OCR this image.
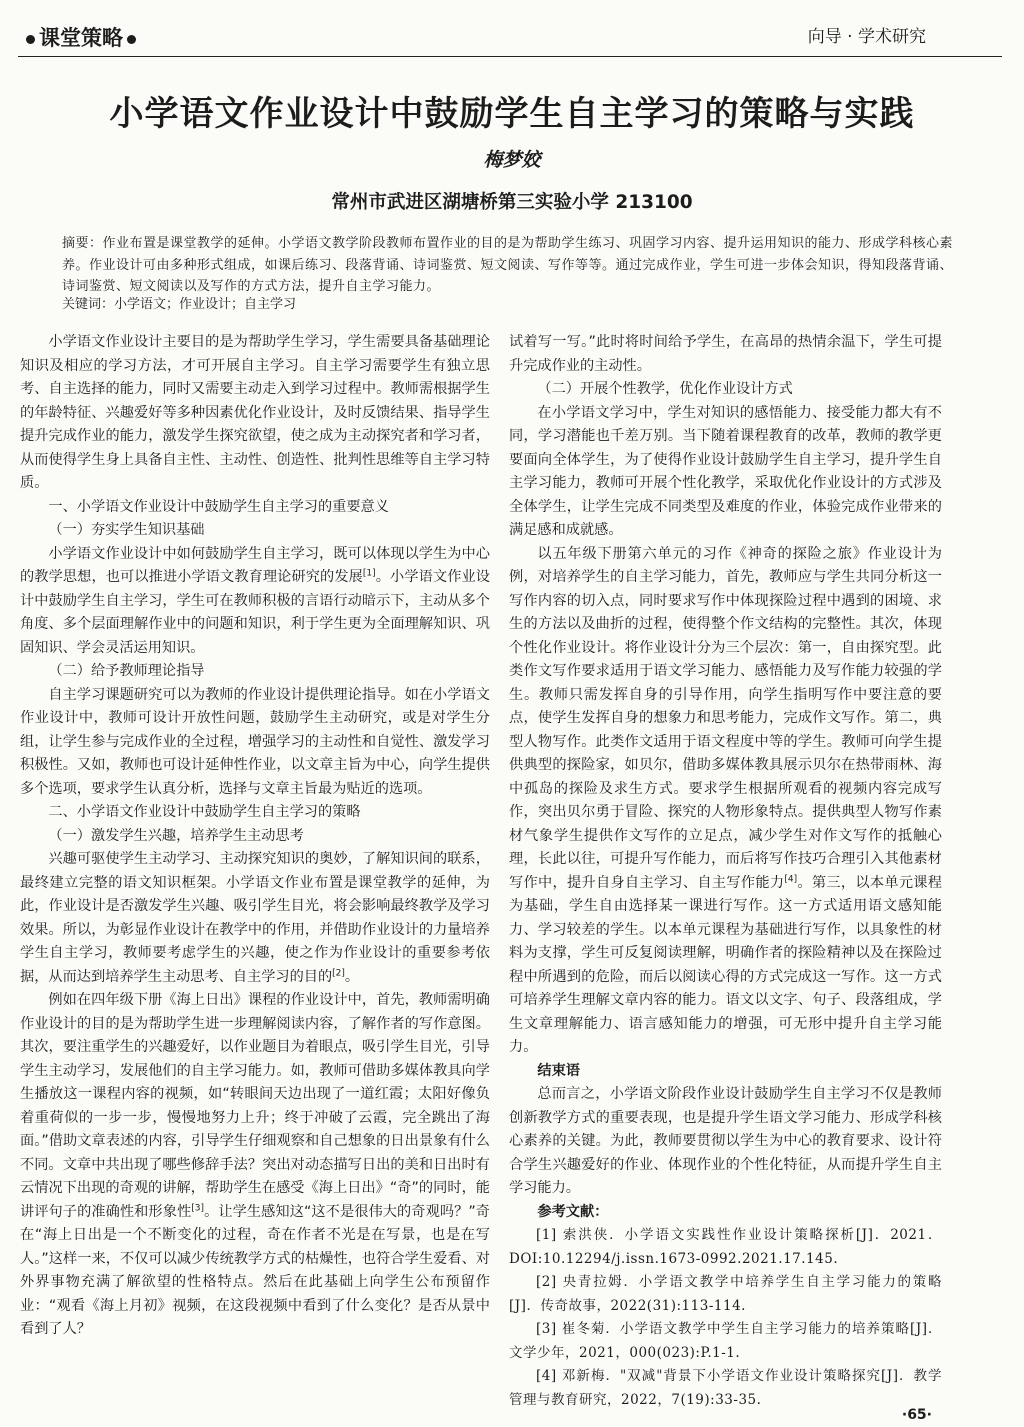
课堂策略	向导 · 学术研究
小学语文作业设计中鼓励学生自主学习的策略与实践
梅梦姣
常州市武进区湖塘桥第三实验小学 213100
摘要：作业布置是课堂教学的延伸。小学语文教学阶段教师布置作业的目的是为帮助学生练习、巩固学习内容、提升运用知识的能力、形成学科核心素养。作业设计可由多种形式组成，如课后练习、段落背诵、诗词鉴赏、短文阅读、写作等等。通过完成作业，学生可进一步体会知识，得知段落背诵、诗词鉴赏、短文阅读以及写作的方式方法，提升自主学习能力。
关键词：小学语文；作业设计；自主学习

小学语文作业设计主要目的是为帮助学生学习，学生需要具备基础理论知识及相应的学习方法，才可开展自主学习。自主学习需要学生有独立思考、自主选择的能力，同时又需要主动走入到学习过程中。教师需根据学生的年龄特征、兴趣爱好等多种因素优化作业设计，及时反馈结果、指导学生提升完成作业的能力，激发学生探究欲望，使之成为主动探究者和学习者，从而使得学生身上具备自主性、主动性、创造性、批判性思维等自主学习特质。

一、小学语文作业设计中鼓励学生自主学习的重要意义
（一）夯实学生知识基础

小学语文作业设计中如何鼓励学生自主学习，既可以体现以学生为中心的教学思想，也可以推进小学语文教育理论研究的发展[1]。小学语文作业设计中鼓励学生自主学习，学生可在教师积极的言语行动暗示下，主动从多个角度、多个层面理解作业中的问题和知识，利于学生更为全面理解知识、巩固知识、学会灵活运用知识。

（二）给予教师理论指导

自主学习课题研究可以为教师的作业设计提供理论指导。如在小学语文作业设计中，教师可设计开放性问题，鼓励学生主动研究，或是对学生分组，让学生参与完成作业的全过程，增强学习的主动性和自觉性、激发学习积极性。又如，教师也可设计延伸性作业，以文章主旨为中心，向学生提供多个选项，要求学生认真分析，选择与文章主旨最为贴近的选项。

二、小学语文作业设计中鼓励学生自主学习的策略
（一）激发学生兴趣，培养学生主动思考

兴趣可驱使学生主动学习、主动探究知识的奥妙，了解知识间的联系，最终建立完整的语文知识框架。小学语文作业布置是课堂教学的延伸，为此，作业设计是否激发学生兴趣、吸引学生目光，将会影响最终教学及学习效果。所以，为彰显作业设计在教学中的作用，并借助作业设计的力量培养学生自主学习，教师要考虑学生的兴趣，使之作为作业设计的重要参考依据，从而达到培养学生主动思考、自主学习的目的[2]。

例如在四年级下册《海上日出》课程的作业设计中，首先，教师需明确作业设计的目的是为帮助学生进一步理解阅读内容，了解作者的写作意图。其次，要注重学生的兴趣爱好，以作业题目为着眼点，吸引学生目光，引导学生主动学习，发展他们的自主学习能力。如，教师可借助多媒体教具向学生播放这一课程内容的视频，如“转眼间天边出现了一道红霞；太阳好像负着重荷似的一步一步，慢慢地努力上升；终于冲破了云霞，完全跳出了海面。”借助文章表述的内容，引导学生仔细观察和自己想象的日出景象有什么不同。文章中共出现了哪些修辞手法？突出对动态描写日出的美和日出时有云情况下出现的奇观的讲解，帮助学生在感受《海上日出》“奇”的同时，能讲评句子的准确性和形象性[3]。让学生感知这“这不是很伟大的奇观吗？”奇在“海上日出是一个不断变化的过程，奇在作者不光是在写景，也是在写人。”这样一来，不仅可以减少传统教学方式的枯燥性，也符合学生爱看、对外界事物充满了解欲望的性格特点。然后在此基础上向学生公布预留作业：“观看《海上月初》视频，在这段视频中看到了什么变化？是否从景中看到了人？

试着写一写。”此时将时间给予学生，在高昂的热情余温下，学生可提升完成作业的主动性。

（二）开展个性教学，优化作业设计方式

在小学语文学习中，学生对知识的感悟能力、接受能力都大有不同，学习潜能也千差万别。当下随着课程教育的改革，教师的教学更要面向全体学生，为了使得作业设计鼓励学生自主学习，提升学生自主学习能力，教师可开展个性化教学，采取优化作业设计的方式涉及全体学生，让学生完成不同类型及难度的作业，体验完成作业带来的满足感和成就感。

以五年级下册第六单元的习作《神奇的探险之旅》作业设计为例，对培养学生的自主学习能力，首先，教师应与学生共同分析这一写作内容的切入点，同时要求写作中体现探险过程中遇到的困境、求生的方法以及曲折的过程，使得整个作文结构的完整性。其次，体现个性化作业设计。将作业设计分为三个层次：第一，自由探究型。此类作文写作要求适用于语文学习能力、感悟能力及写作能力较强的学生。教师只需发挥自身的引导作用，向学生指明写作中要注意的要点，使学生发挥自身的想象力和思考能力，完成作文写作。第二，典型人物写作。此类作文适用于语文程度中等的学生。教师可向学生提供典型的探险家，如贝尔，借助多媒体教具展示贝尔在热带雨林、海中孤岛的探险及求生方式。要求学生根据所观看的视频内容完成写作，突出贝尔勇于冒险、探究的人物形象特点。提供典型人物写作素材气象学生提供作文写作的立足点，减少学生对作文写作的抵触心理，长此以往，可提升写作能力，而后将写作技巧合理引入其他素材写作中，提升自身自主学习、自主写作能力[4]。第三，以本单元课程为基础，学生自由选择某一课进行写作。这一方式适用语文感知能力、学习较差的学生。以本单元课程为基础进行写作，以具象性的材料为支撑，学生可反复阅读理解，明确作者的探险精神以及在探险过程中所遇到的危险，而后以阅读心得的方式完成这一写作。这一方式可培养学生理解文章内容的能力。语文以文字、句子、段落组成，学生文章理解能力、语言感知能力的增强，可无形中提升自主学习能力。

结束语

总而言之，小学语文阶段作业设计鼓励学生自主学习不仅是教师创新教学方式的重要表现，也是提升学生语文学习能力、形成学科核心素养的关键。为此，教师要贯彻以学生为中心的教育要求、设计符合学生兴趣爱好的作业、体现作业的个性化特征，从而提升学生自主学习能力。

参考文献：

[1] 索洪侠．小学语文实践性作业设计策略探析[J]．2021．DOI:10.12294/j.issn.1673-0992.2021.17.145.

[2] 央青拉姆．小学语文教学中培养学生自主学习能力的策略[J]．传奇故事，2022(31):113-114.

[3] 崔冬菊．小学语文教学中学生自主学习能力的培养策略[J]．文学少年，2021，000(023):P.1-1.

[4] 邓新梅．"双减"背景下小学语文作业设计策略探究[J]．教学管理与教育研究，2022，7(19):33-35.

·65·
